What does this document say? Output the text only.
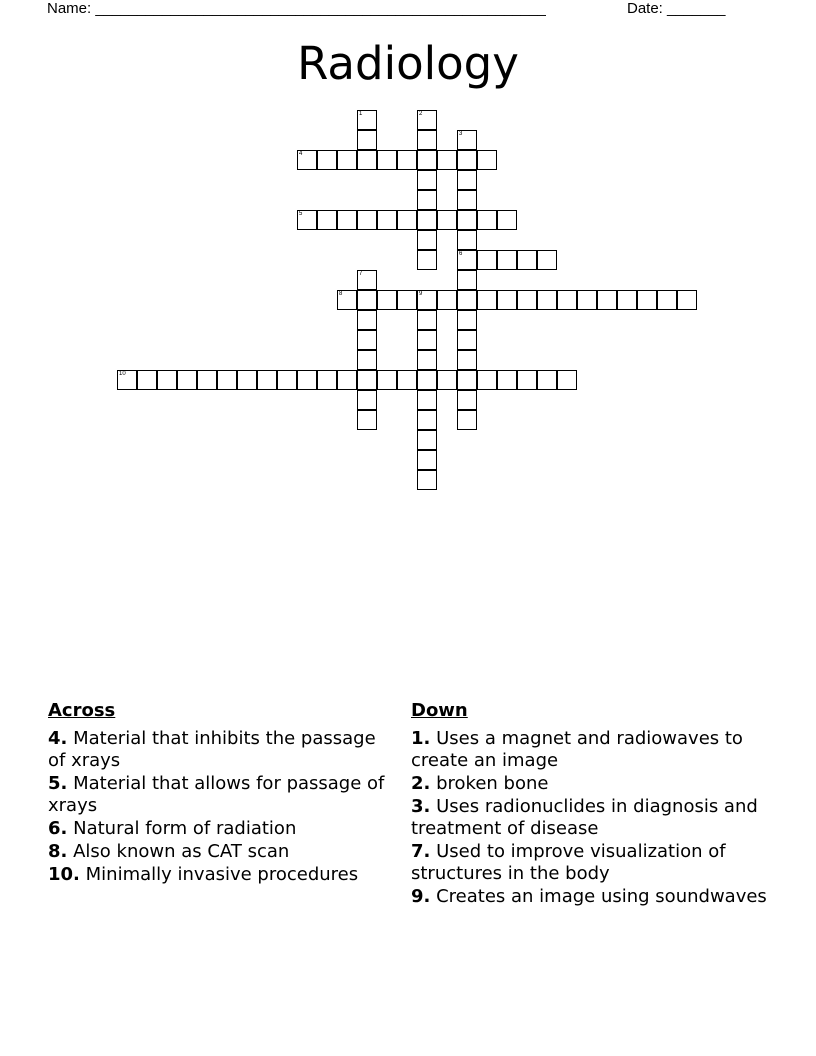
Name: ______________________________________________________	Date: _______
Radiology
1	2
3
6
4
5
7
8	9
10
Across
4. Material that inhibits the passage of xrays
5. Material that allows for passage of xrays
6. Natural form of radiation
8. Also known as CAT scan
10. Minimally invasive procedures
Down
1. Uses a magnet and radiowaves to create an image
2. broken bone
3. Uses radionuclides in diagnosis and treatment of disease
7. Used to improve visualization of structures in the body
9. Creates an image using soundwaves
